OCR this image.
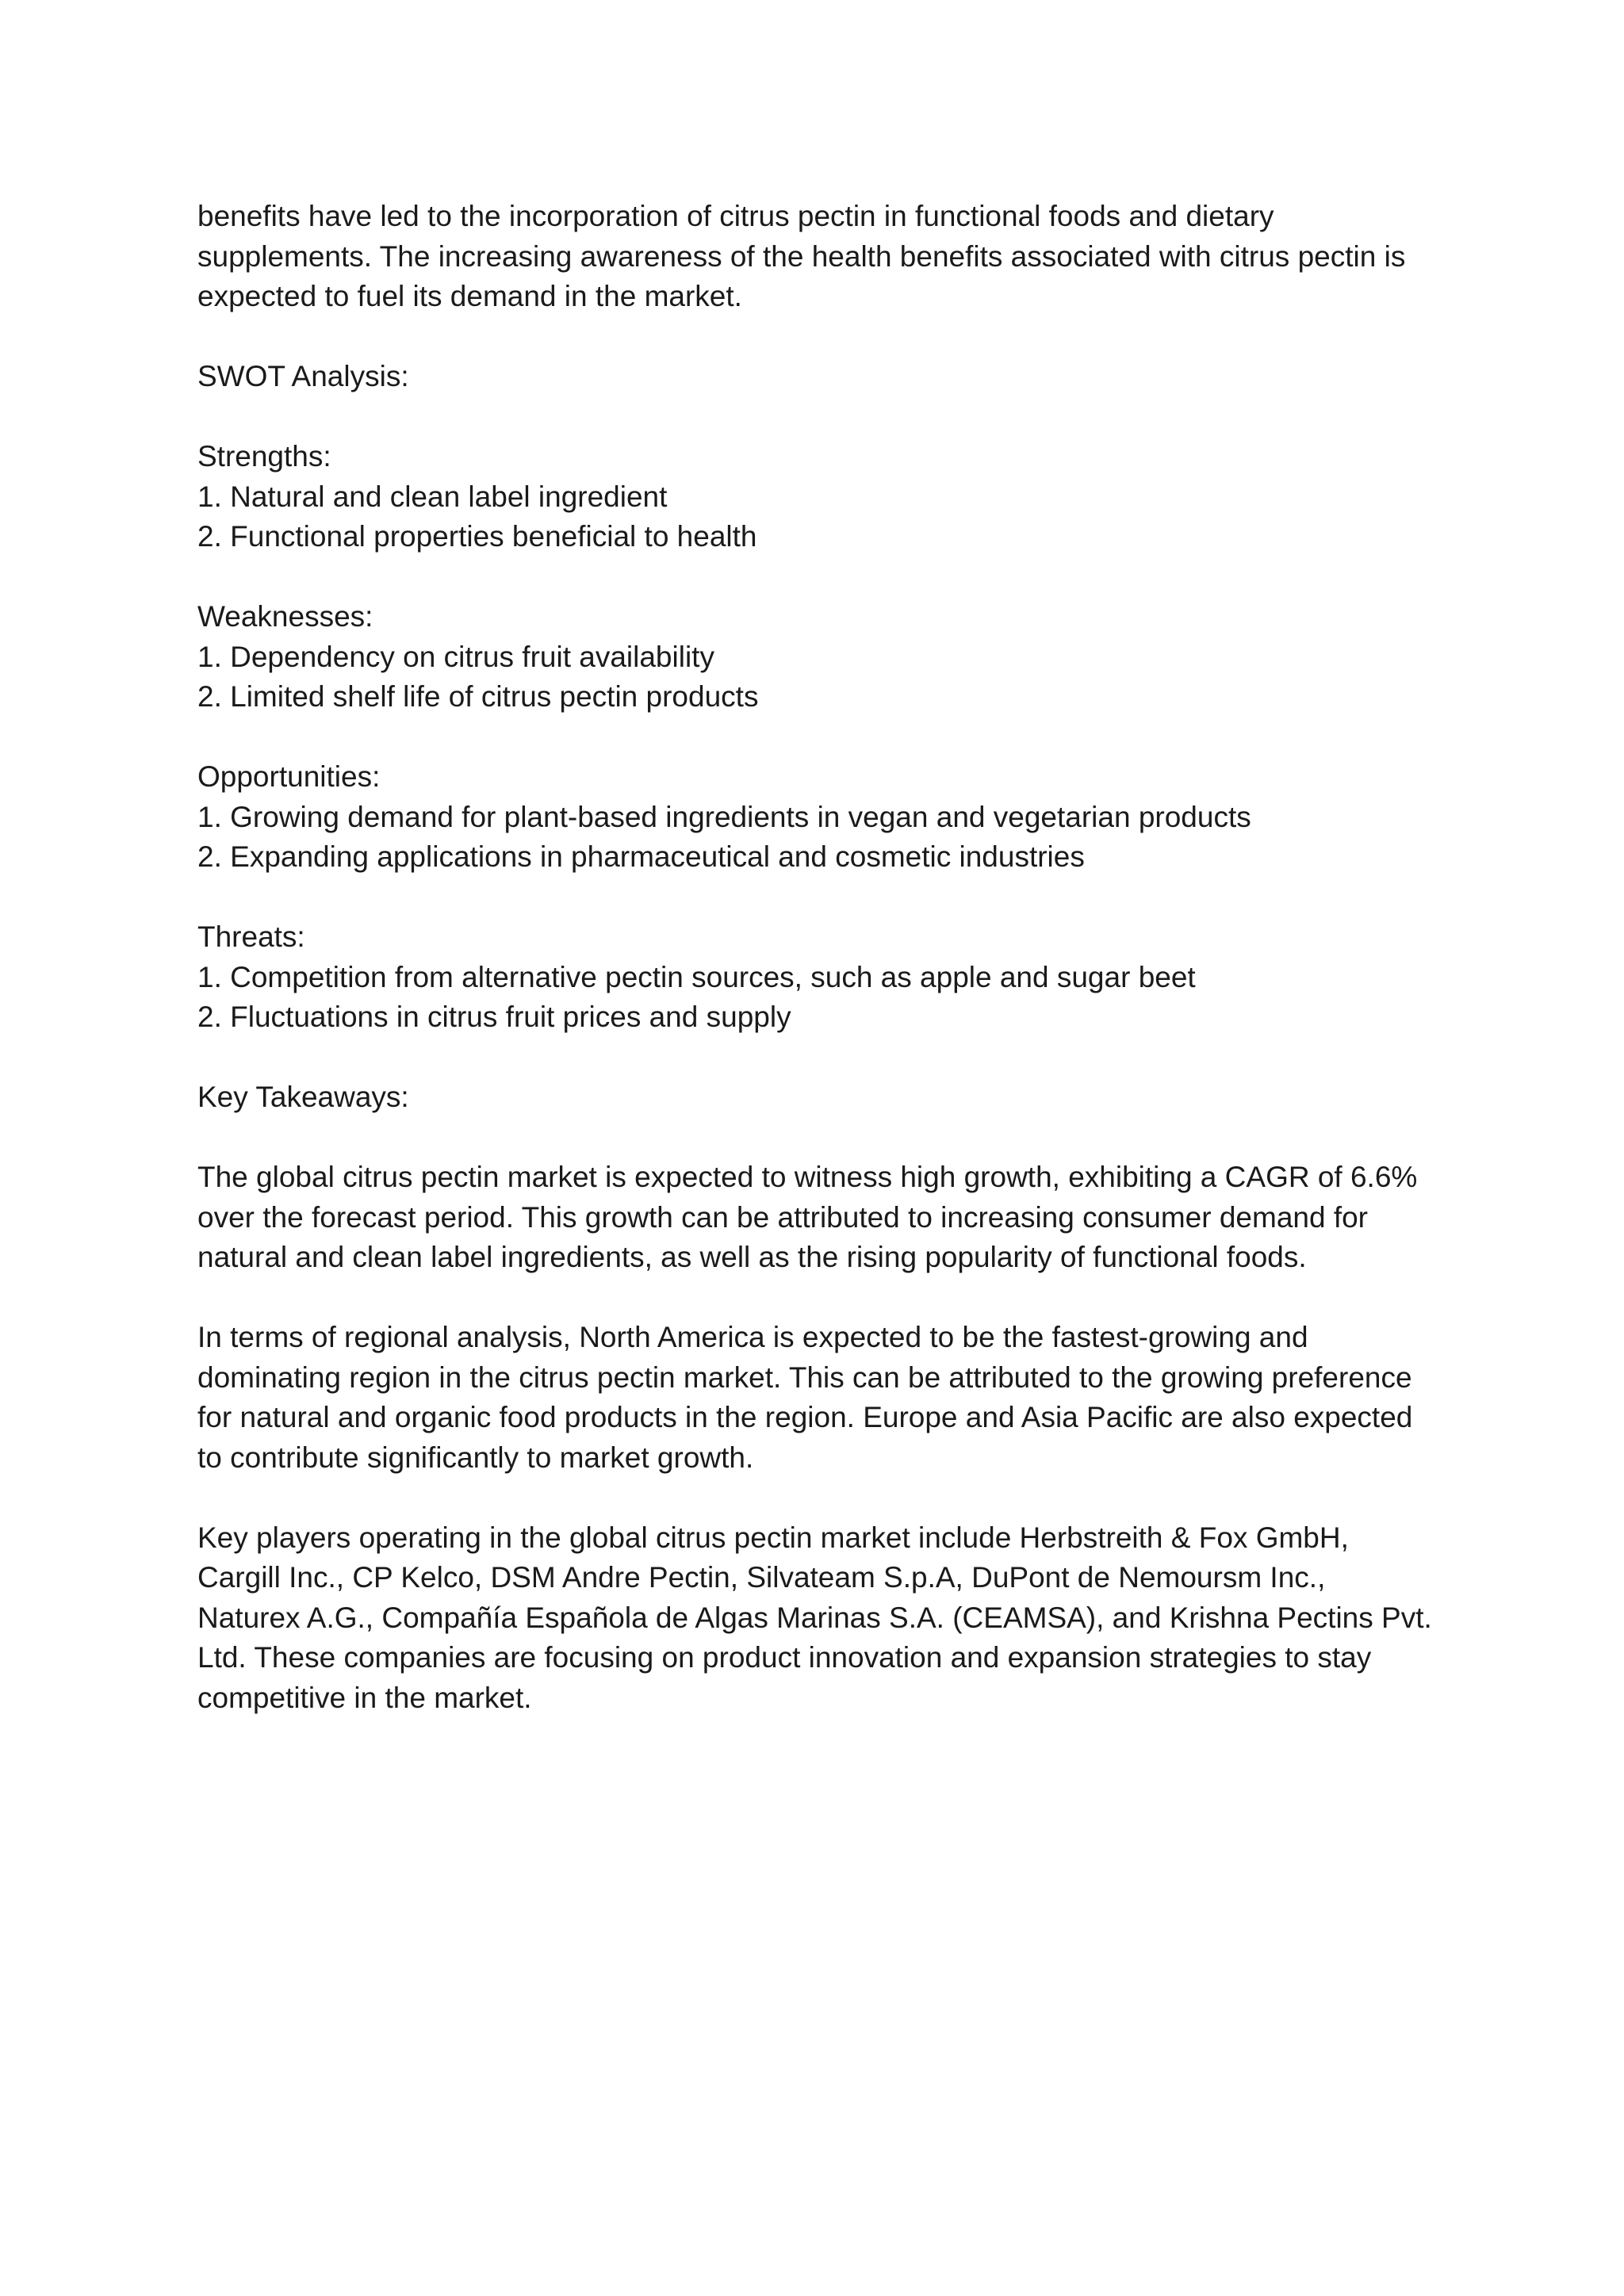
benefits have led to the incorporation of citrus pectin in functional foods and dietary supplements. The increasing awareness of the health benefits associated with citrus pectin is expected to fuel its demand in the market.

SWOT Analysis:

Strengths:

1. Natural and clean label ingredient
2. Functional properties beneficial to health

Weaknesses:

1. Dependency on citrus fruit availability
2. Limited shelf life of citrus pectin products

Opportunities:

1. Growing demand for plant-based ingredients in vegan and vegetarian products
2. Expanding applications in pharmaceutical and cosmetic industries

Threats:

1. Competition from alternative pectin sources, such as apple and sugar beet
2. Fluctuations in citrus fruit prices and supply

Key Takeaways:

The global citrus pectin market is expected to witness high growth, exhibiting a CAGR of 6.6% over the forecast period. This growth can be attributed to increasing consumer demand for natural and clean label ingredients, as well as the rising popularity of functional foods.

In terms of regional analysis, North America is expected to be the fastest-growing and dominating region in the citrus pectin market. This can be attributed to the growing preference for natural and organic food products in the region. Europe and Asia Pacific are also expected to contribute significantly to market growth.

Key players operating in the global citrus pectin market include Herbstreith & Fox GmbH, Cargill Inc., CP Kelco, DSM Andre Pectin, Silvateam S.p.A, DuPont de Nemoursm Inc., Naturex A.G., Compañía Española de Algas Marinas S.A. (CEAMSA), and Krishna Pectins Pvt. Ltd. These companies are focusing on product innovation and expansion strategies to stay competitive in the market.
